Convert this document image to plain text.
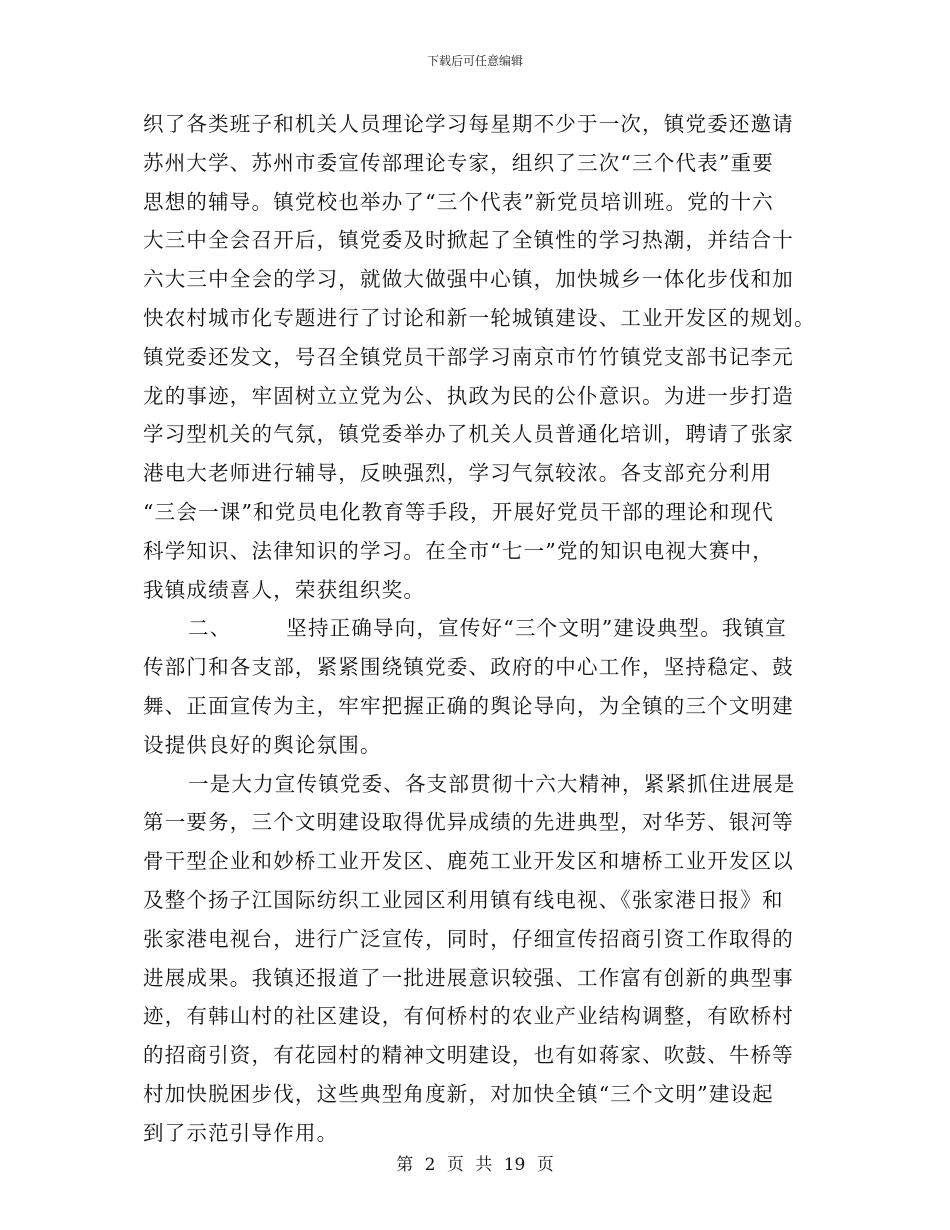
下载后可任意编辑
织了各类班子和机关人员理论学习每星期不少于一次，镇党委还邀请
苏州大学、苏州市委宣传部理论专家，组织了三次“三个代表”重要
思想的辅导。镇党校也举办了“三个代表”新党员培训班。党的十六
大三中全会召开后，镇党委及时掀起了全镇性的学习热潮，并结合十
六大三中全会的学习，就做大做强中心镇，加快城乡一体化步伐和加
快农村城市化专题进行了讨论和新一轮城镇建设、工业开发区的规划。
镇党委还发文，号召全镇党员干部学习南京市竹竹镇党支部书记李元
龙的事迹，牢固树立立党为公、执政为民的公仆意识。为进一步打造
学习型机关的气氛，镇党委举办了机关人员普通化培训，聘请了张家
港电大老师进行辅导，反映强烈，学习气氛较浓。各支部充分利用
“三会一课”和党员电化教育等手段，开展好党员干部的理论和现代
科学知识、法律知识的学习。在全市“七一”党的知识电视大赛中，
我镇成绩喜人，荣获组织奖。
二、　　　坚持正确导向，宣传好“三个文明”建设典型。我镇宣
传部门和各支部，紧紧围绕镇党委、政府的中心工作，坚持稳定、鼓
舞、正面宣传为主，牢牢把握正确的舆论导向，为全镇的三个文明建
设提供良好的舆论氛围。
一是大力宣传镇党委、各支部贯彻十六大精神，紧紧抓住进展是
第一要务，三个文明建设取得优异成绩的先进典型，对华芳、银河等
骨干型企业和妙桥工业开发区、鹿苑工业开发区和塘桥工业开发区以
及整个扬子江国际纺织工业园区利用镇有线电视、《张家港日报》和
张家港电视台，进行广泛宣传，同时，仔细宣传招商引资工作取得的
进展成果。我镇还报道了一批进展意识较强、工作富有创新的典型事
迹，有韩山村的社区建设，有何桥村的农业产业结构调整，有欧桥村
的招商引资，有花园村的精神文明建设，也有如蒋家、吹鼓、牛桥等
村加快脱困步伐，这些典型角度新，对加快全镇“三个文明”建设起
到了示范引导作用。
第 2 页 共 19 页
